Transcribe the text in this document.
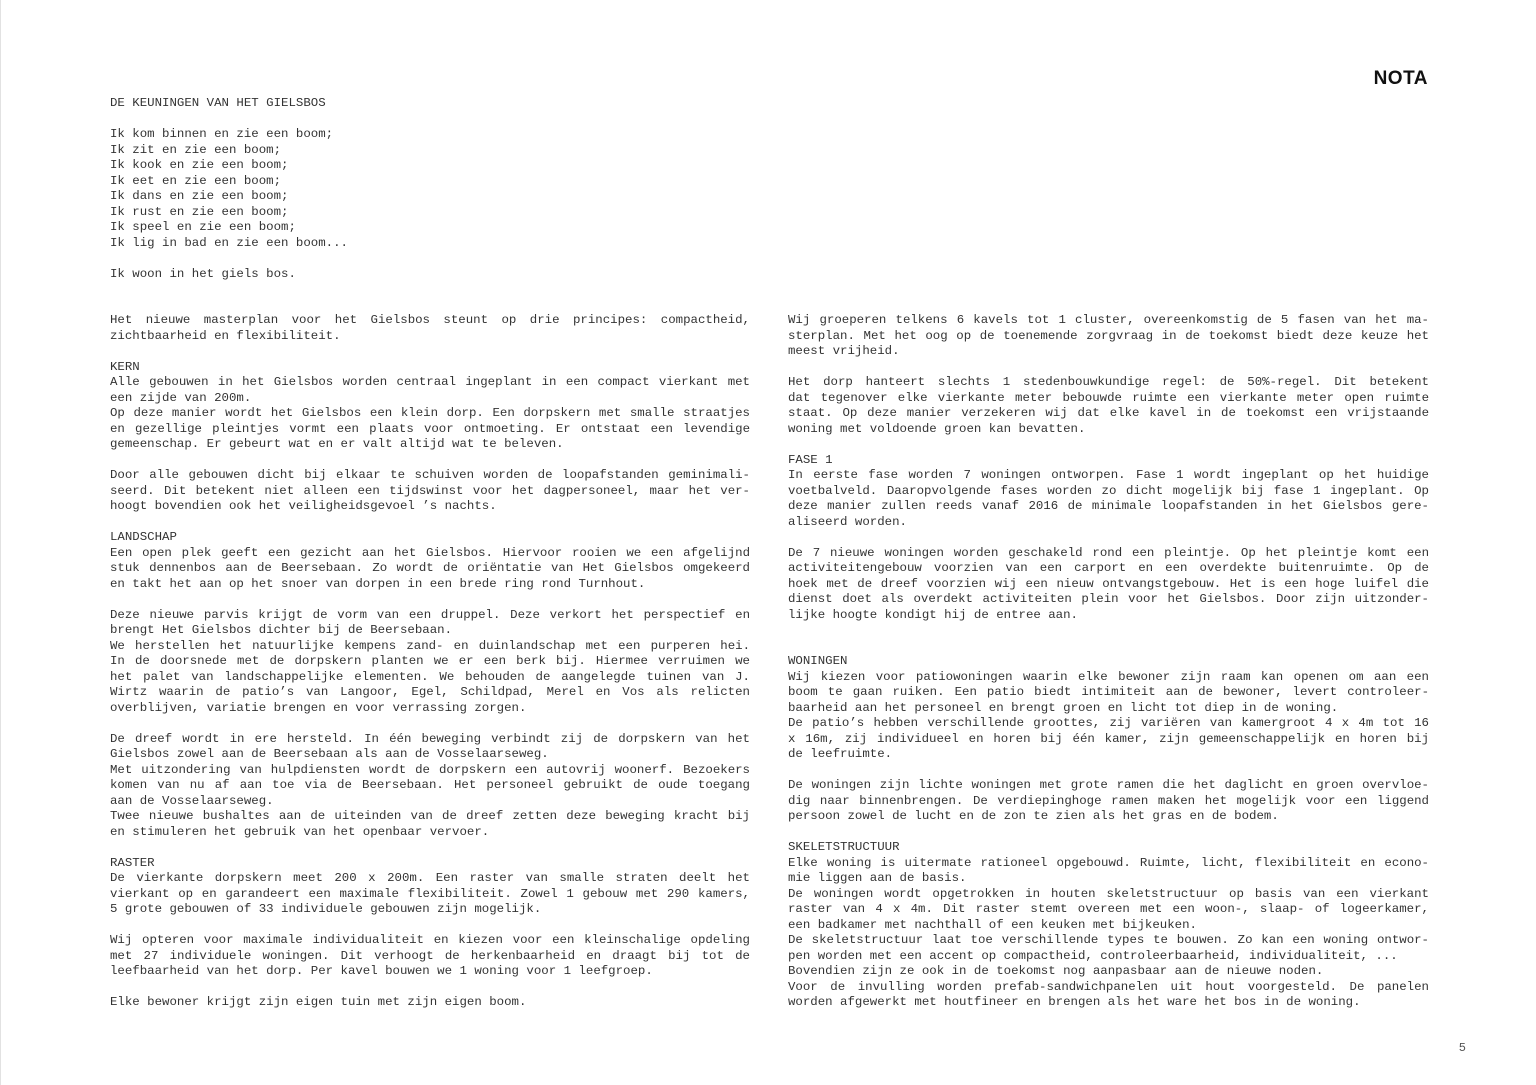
NOTA
DE KEUNINGEN VAN HET GIELSBOS
Ik kom binnen en zie een boom;
Ik zit en zie een boom;
Ik kook en zie een boom;
Ik eet en zie een boom;
Ik dans en zie een boom;
Ik rust en zie een boom;
Ik speel en zie een boom;
Ik lig in bad en zie een boom...
Ik woon in het giels bos.
Het nieuwe masterplan voor het Gielsbos steunt op drie principes: compactheid,
zichtbaarheid en flexibiliteit.
KERN
Alle gebouwen in het Gielsbos worden centraal ingeplant in een compact vierkant met
een zijde van 200m.
Op deze manier wordt het Gielsbos een klein dorp. Een dorpskern met smalle straatjes
en gezellige pleintjes vormt een plaats voor ontmoeting. Er ontstaat een levendige
gemeenschap. Er gebeurt wat en er valt altijd wat te beleven.
Door alle gebouwen dicht bij elkaar te schuiven worden de loopafstanden geminimali-
seerd. Dit betekent niet alleen een tijdswinst voor het dagpersoneel, maar het ver-
hoogt bovendien ook het veiligheidsgevoel ’s nachts.
LANDSCHAP
Een open plek geeft een gezicht aan het Gielsbos. Hiervoor rooien we een afgelijnd
stuk dennenbos aan de Beersebaan. Zo wordt de oriëntatie van Het Gielsbos omgekeerd
en takt het aan op het snoer van dorpen in een brede ring rond Turnhout.
Deze nieuwe parvis krijgt de vorm van een druppel. Deze verkort het perspectief en
brengt Het Gielsbos dichter bij de Beersebaan.
We herstellen het natuurlijke kempens zand- en duinlandschap met een purperen hei.
In de doorsnede met de dorpskern planten we er een berk bij. Hiermee verruimen we
het palet van landschappelijke elementen. We behouden de aangelegde tuinen van J.
Wirtz waarin de patio’s van Langoor, Egel, Schildpad, Merel en Vos als relicten
overblijven, variatie brengen en voor verrassing zorgen.
De dreef wordt in ere hersteld. In één beweging verbindt zij de dorpskern van het
Gielsbos zowel aan de Beersebaan als aan de Vosselaarseweg.
Met uitzondering van hulpdiensten wordt de dorpskern een autovrij woonerf. Bezoekers
komen van nu af aan toe via de Beersebaan. Het personeel gebruikt de oude toegang
aan de Vosselaarseweg.
Twee nieuwe bushaltes aan de uiteinden van de dreef zetten deze beweging kracht bij
en stimuleren het gebruik van het openbaar vervoer.
RASTER
De vierkante dorpskern meet 200 x 200m. Een raster van smalle straten deelt het
vierkant op en garandeert een maximale flexibiliteit. Zowel 1 gebouw met 290 kamers,
5 grote gebouwen of 33 individuele gebouwen zijn mogelijk.
Wij opteren voor maximale individualiteit en kiezen voor een kleinschalige opdeling
met 27 individuele woningen. Dit verhoogt de herkenbaarheid en draagt bij tot de
leefbaarheid van het dorp. Per kavel bouwen we 1 woning voor 1 leefgroep.
Elke bewoner krijgt zijn eigen tuin met zijn eigen boom.
Wij groeperen telkens 6 kavels tot 1 cluster, overeenkomstig de 5 fasen van het ma-
sterplan. Met het oog op de toenemende zorgvraag in de toekomst biedt deze keuze het
meest vrijheid.
Het dorp hanteert slechts 1 stedenbouwkundige regel: de 50%-regel. Dit betekent
dat tegenover elke vierkante meter bebouwde ruimte een vierkante meter open ruimte
staat. Op deze manier verzekeren wij dat elke kavel in de toekomst een vrijstaande
woning met voldoende groen kan bevatten.
FASE 1
In eerste fase worden 7 woningen ontworpen. Fase 1 wordt ingeplant op het huidige
voetbalveld. Daaropvolgende fases worden zo dicht mogelijk bij fase 1 ingeplant. Op
deze manier zullen reeds vanaf 2016 de minimale loopafstanden in het Gielsbos gere-
aliseerd worden.
De 7 nieuwe woningen worden geschakeld rond een pleintje. Op het pleintje komt een
activiteitengebouw voorzien van een carport en een overdekte buitenruimte. Op de
hoek met de dreef voorzien wij een nieuw ontvangstgebouw. Het is een hoge luifel die
dienst doet als overdekt activiteiten plein voor het Gielsbos. Door zijn uitzonder-
lijke hoogte kondigt hij de entree aan.
WONINGEN
Wij kiezen voor patiowoningen waarin elke bewoner zijn raam kan openen om aan een
boom te gaan ruiken. Een patio biedt intimiteit aan de bewoner, levert controleer-
baarheid aan het personeel en brengt groen en licht tot diep in de woning.
De patio’s hebben verschillende groottes, zij variëren van kamergroot 4 x 4m tot 16
x 16m, zij individueel en horen bij één kamer, zijn gemeenschappelijk en horen bij
de leefruimte.
De woningen zijn lichte woningen met grote ramen die het daglicht en groen overvloe-
dig naar binnenbrengen. De verdiepinghoge ramen maken het mogelijk voor een liggend
persoon zowel de lucht en de zon te zien als het gras en de bodem.
SKELETSTRUCTUUR
Elke woning is uitermate rationeel opgebouwd. Ruimte, licht, flexibiliteit en econo-
mie liggen aan de basis.
De woningen wordt opgetrokken in houten skeletstructuur op basis van een vierkant
raster van 4 x 4m. Dit raster stemt overeen met een woon-, slaap- of logeerkamer,
een badkamer met nachthall of een keuken met bijkeuken.
De skeletstructuur laat toe verschillende types te bouwen. Zo kan een woning ontwor-
pen worden met een accent op compactheid, controleerbaarheid, individualiteit, ...
Bovendien zijn ze ook in de toekomst nog aanpasbaar aan de nieuwe noden.
Voor de invulling worden prefab-sandwichpanelen uit hout voorgesteld. De panelen
worden afgewerkt met houtfineer en brengen als het ware het bos in de woning.
5
